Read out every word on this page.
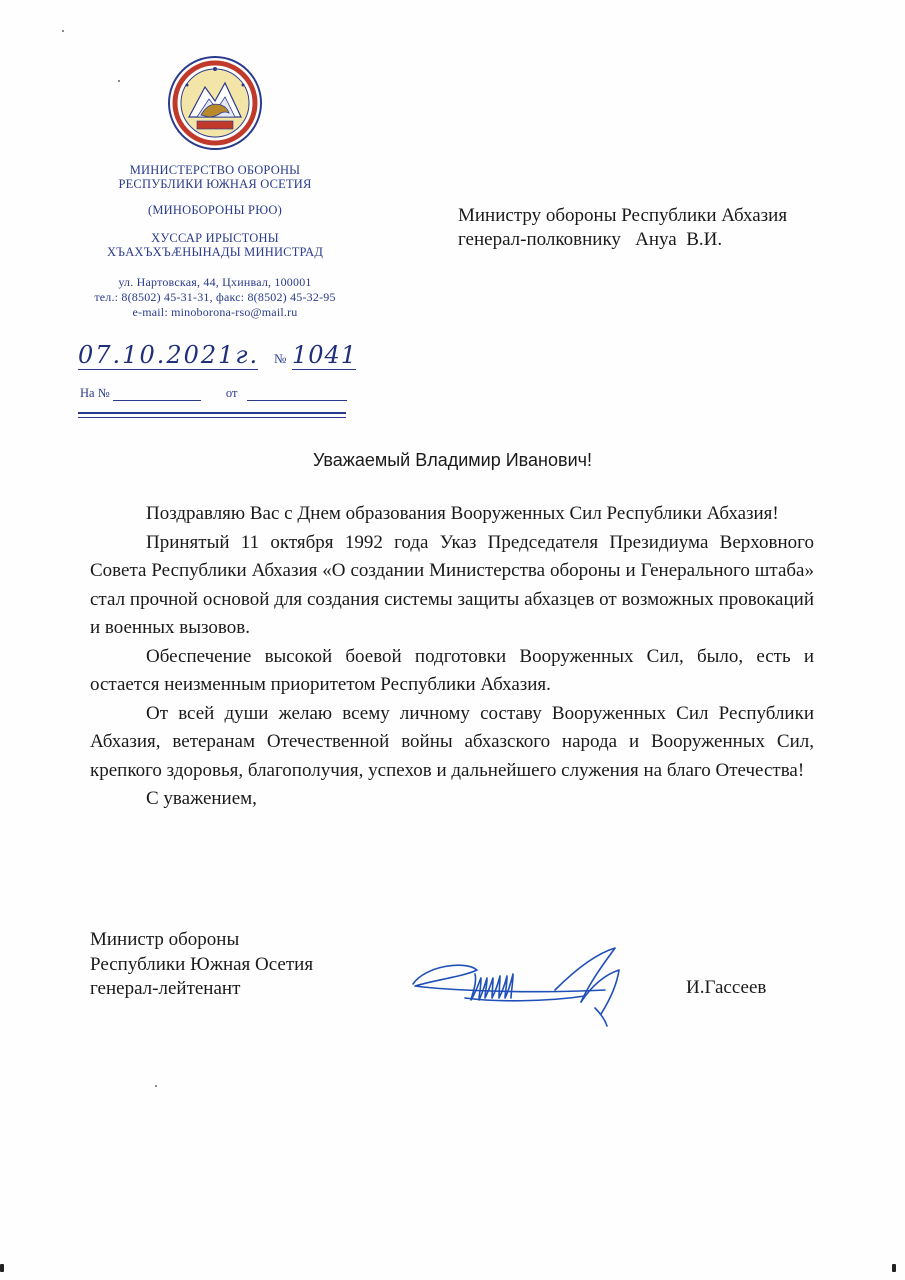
МИНИСТЕРСТВО ОБОРОНЫ
РЕСПУБЛИКИ ЮЖНАЯ ОСЕТИЯ
(МИНОБОРОНЫ РЮО)
ХУССАР ИРЫСТОНЫ
ХЪАХЪХЪÆНЫНАДЫ МИНИСТРАД
ул. Нартовская, 44, Цхинвал, 100001
тел.: 8(8502) 45-31-31, факс: 8(8502) 45-32-95
e-mail: minoborona-rso@mail.ru
07.10.2021г. № 1041
На №	от
Министру обороны Республики Абхазия
генерал-полковнику   Ануа  В.И.
Уважаемый Владимир Иванович!

Поздравляю Вас с Днем образования Вооруженных Сил Республики Абхазия!

Принятый 11 октября 1992 года Указ Председателя Президиума Верховного Совета Республики Абхазия «О создании Министерства обороны и Генерального штаба» стал прочной основой для создания системы защиты абхазцев от возможных провокаций и военных вызовов.

Обеспечение высокой боевой подготовки Вооруженных Сил, было, есть и остается неизменным приоритетом Республики Абхазия.

От всей души желаю всему личному составу Вооруженных Сил Республики Абхазия, ветеранам Отечественной войны абхазского народа и Вооруженных Сил, крепкого здоровья, благополучия, успехов и дальнейшего служения на благо Отечества!

С уважением,

Министр обороны
Республики Южная Осетия
генерал-лейтенант	И.Гассеев
